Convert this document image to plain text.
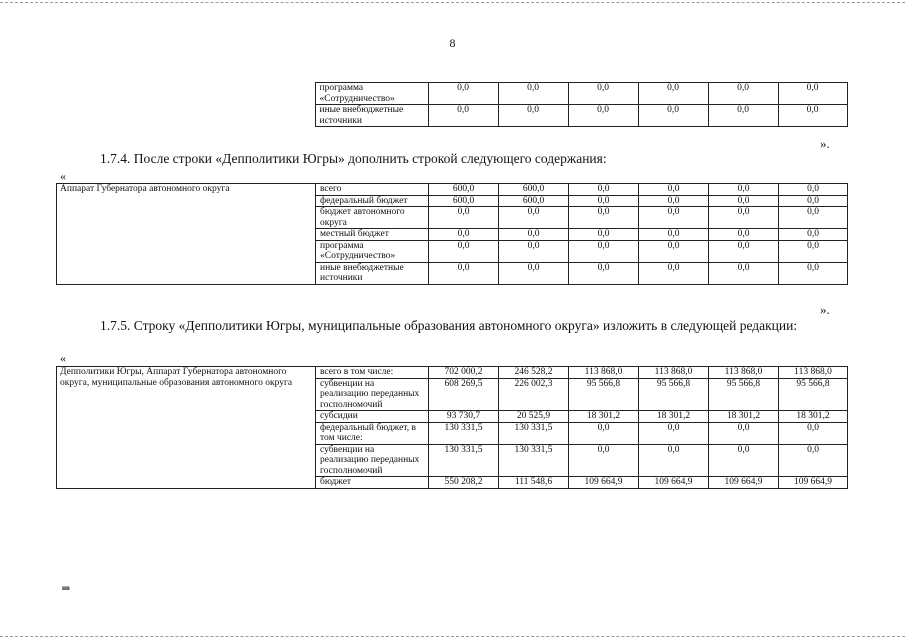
8
	программа «Сотрудничество»	0,0	0,0	0,0	0,0	0,0	0,0
	иные внебюджетные источники	0,0	0,0	0,0	0,0	0,0	0,0
».
1.7.4. После строки «Депполитики Югры» дополнить строкой следующего содержания:
«
Аппарат Губернатора автономного округа	всего	600,0	600,0	0,0	0,0	0,0	0,0
	федеральный бюджет	600,0	600,0	0,0	0,0	0,0	0,0
	бюджет автономного округа	0,0	0,0	0,0	0,0	0,0	0,0
	местный бюджет	0,0	0,0	0,0	0,0	0,0	0,0
	программа «Сотрудничество»	0,0	0,0	0,0	0,0	0,0	0,0
	иные внебюджетные источники	0,0	0,0	0,0	0,0	0,0	0,0
».
1.7.5. Строку «Депполитики Югры, муниципальные образования автономного округа» изложить в следующей редакции:
«
Депполитики Югры, Аппарат Губернатора автономного округа, муниципальные образования автономного округа	всего в том числе:	702 000,2	246 528,2	113 868,0	113 868,0	113 868,0	113 868,0
	субвенции на реализацию переданных госполномочий	608 269,5	226 002,3	95 566,8	95 566,8	95 566,8	95 566,8
	субсидии	93 730,7	20 525,9	18 301,2	18 301,2	18 301,2	18 301,2
	федеральный бюджет, в том числе:	130 331,5	130 331,5	0,0	0,0	0,0	0,0
	субвенции на реализацию переданных госполномочий	130 331,5	130 331,5	0,0	0,0	0,0	0,0
	бюджет	550 208,2	111 548,6	109 664,9	109 664,9	109 664,9	109 664,9
нв
